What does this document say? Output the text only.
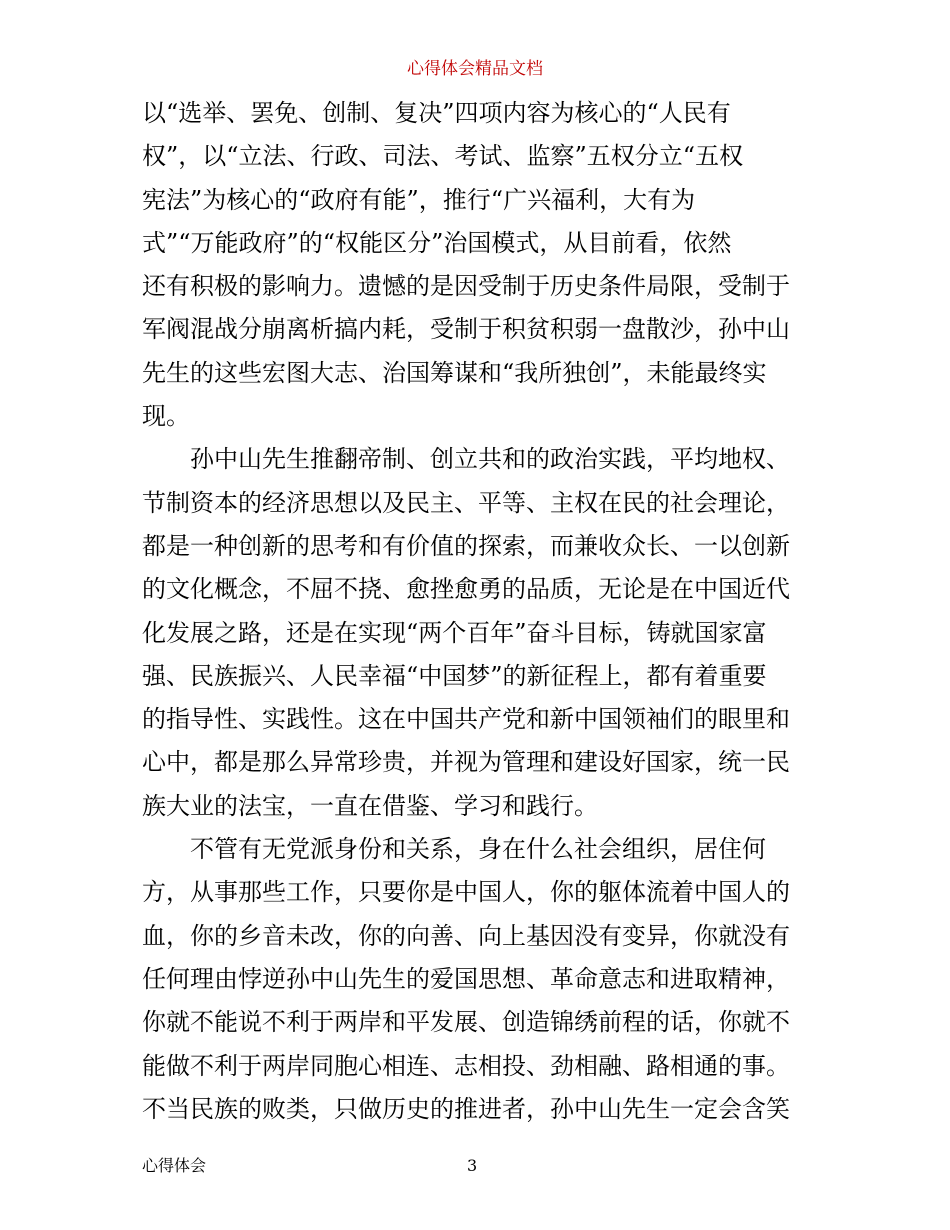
心得体会精品文档
以“选举、罢免、创制、复决”四项内容为核心的“人民有
权”，以“立法、行政、司法、考试、监察”五权分立“五权
宪法”为核心的“政府有能”，推行“广兴福利，大有为
式”“万能政府”的“权能区分”治国模式，从目前看，依然
还有积极的影响力。遗憾的是因受制于历史条件局限，受制于
军阀混战分崩离析搞内耗，受制于积贫积弱一盘散沙，孙中山
先生的这些宏图大志、治国筹谋和“我所独创”，未能最终实
现。
孙中山先生推翻帝制、创立共和的政治实践，平均地权、
节制资本的经济思想以及民主、平等、主权在民的社会理论，
都是一种创新的思考和有价值的探索，而兼收众长、一以创新
的文化概念，不屈不挠、愈挫愈勇的品质，无论是在中国近代
化发展之路，还是在实现“两个百年”奋斗目标，铸就国家富
强、民族振兴、人民幸福“中国梦”的新征程上，都有着重要
的指导性、实践性。这在中国共产党和新中国领袖们的眼里和
心中，都是那么异常珍贵，并视为管理和建设好国家，统一民
族大业的法宝，一直在借鉴、学习和践行。
不管有无党派身份和关系，身在什么社会组织，居住何
方，从事那些工作，只要你是中国人，你的躯体流着中国人的
血，你的乡音未改，你的向善、向上基因没有变异，你就没有
任何理由悖逆孙中山先生的爱国思想、革命意志和进取精神，
你就不能说不利于两岸和平发展、创造锦绣前程的话，你就不
能做不利于两岸同胞心相连、志相投、劲相融、路相通的事。
不当民族的败类，只做历史的推进者，孙中山先生一定会含笑
心得体会	3
